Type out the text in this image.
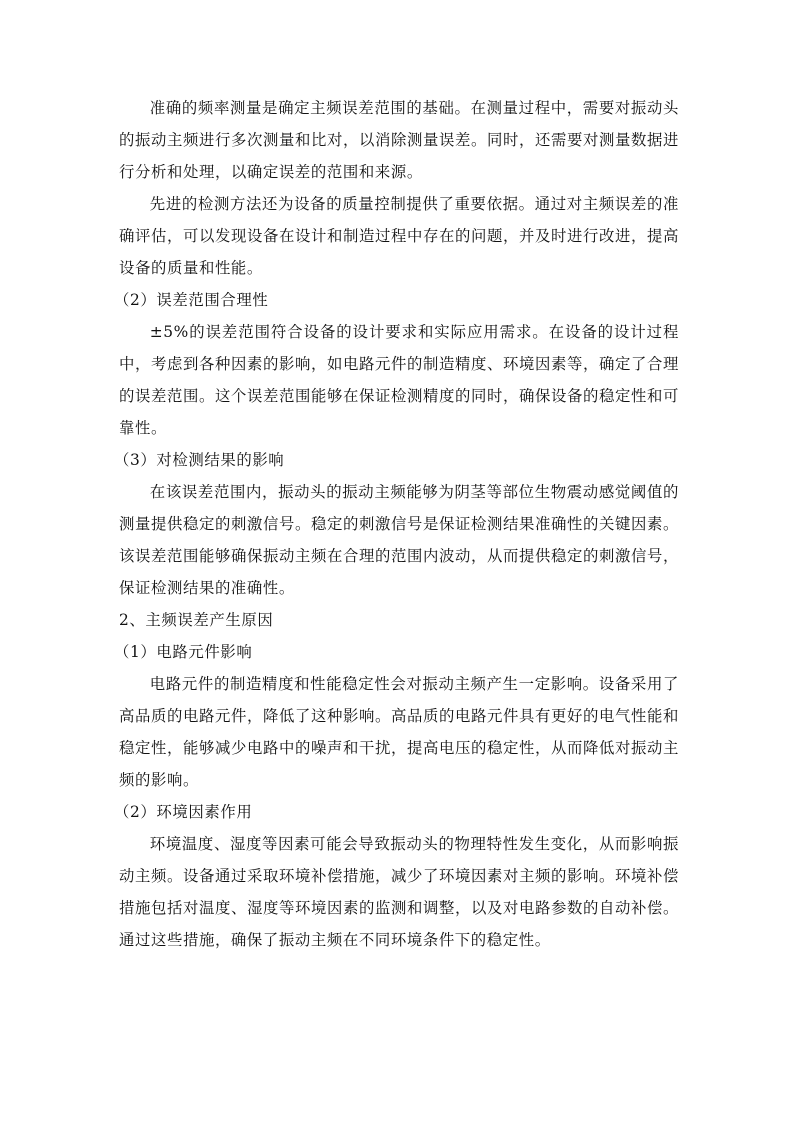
准确的频率测量是确定主频误差范围的基础。在测量过程中，需要对振动头的振动主频进行多次测量和比对，以消除测量误差。同时，还需要对测量数据进行分析和处理，以确定误差的范围和来源。

先进的检测方法还为设备的质量控制提供了重要依据。通过对主频误差的准确评估，可以发现设备在设计和制造过程中存在的问题，并及时进行改进，提高设备的质量和性能。

（2）误差范围合理性

±5%的误差范围符合设备的设计要求和实际应用需求。在设备的设计过程中，考虑到各种因素的影响，如电路元件的制造精度、环境因素等，确定了合理的误差范围。这个误差范围能够在保证检测精度的同时，确保设备的稳定性和可靠性。

（3）对检测结果的影响

在该误差范围内，振动头的振动主频能够为阴茎等部位生物震动感觉阈值的测量提供稳定的刺激信号。稳定的刺激信号是保证检测结果准确性的关键因素。该误差范围能够确保振动主频在合理的范围内波动，从而提供稳定的刺激信号，保证检测结果的准确性。

2、主频误差产生原因

（1）电路元件影响

电路元件的制造精度和性能稳定性会对振动主频产生一定影响。设备采用了高品质的电路元件，降低了这种影响。高品质的电路元件具有更好的电气性能和稳定性，能够减少电路中的噪声和干扰，提高电压的稳定性，从而降低对振动主频的影响。

（2）环境因素作用

环境温度、湿度等因素可能会导致振动头的物理特性发生变化，从而影响振动主频。设备通过采取环境补偿措施，减少了环境因素对主频的影响。环境补偿措施包括对温度、湿度等环境因素的监测和调整，以及对电路参数的自动补偿。通过这些措施，确保了振动主频在不同环境条件下的稳定性。
